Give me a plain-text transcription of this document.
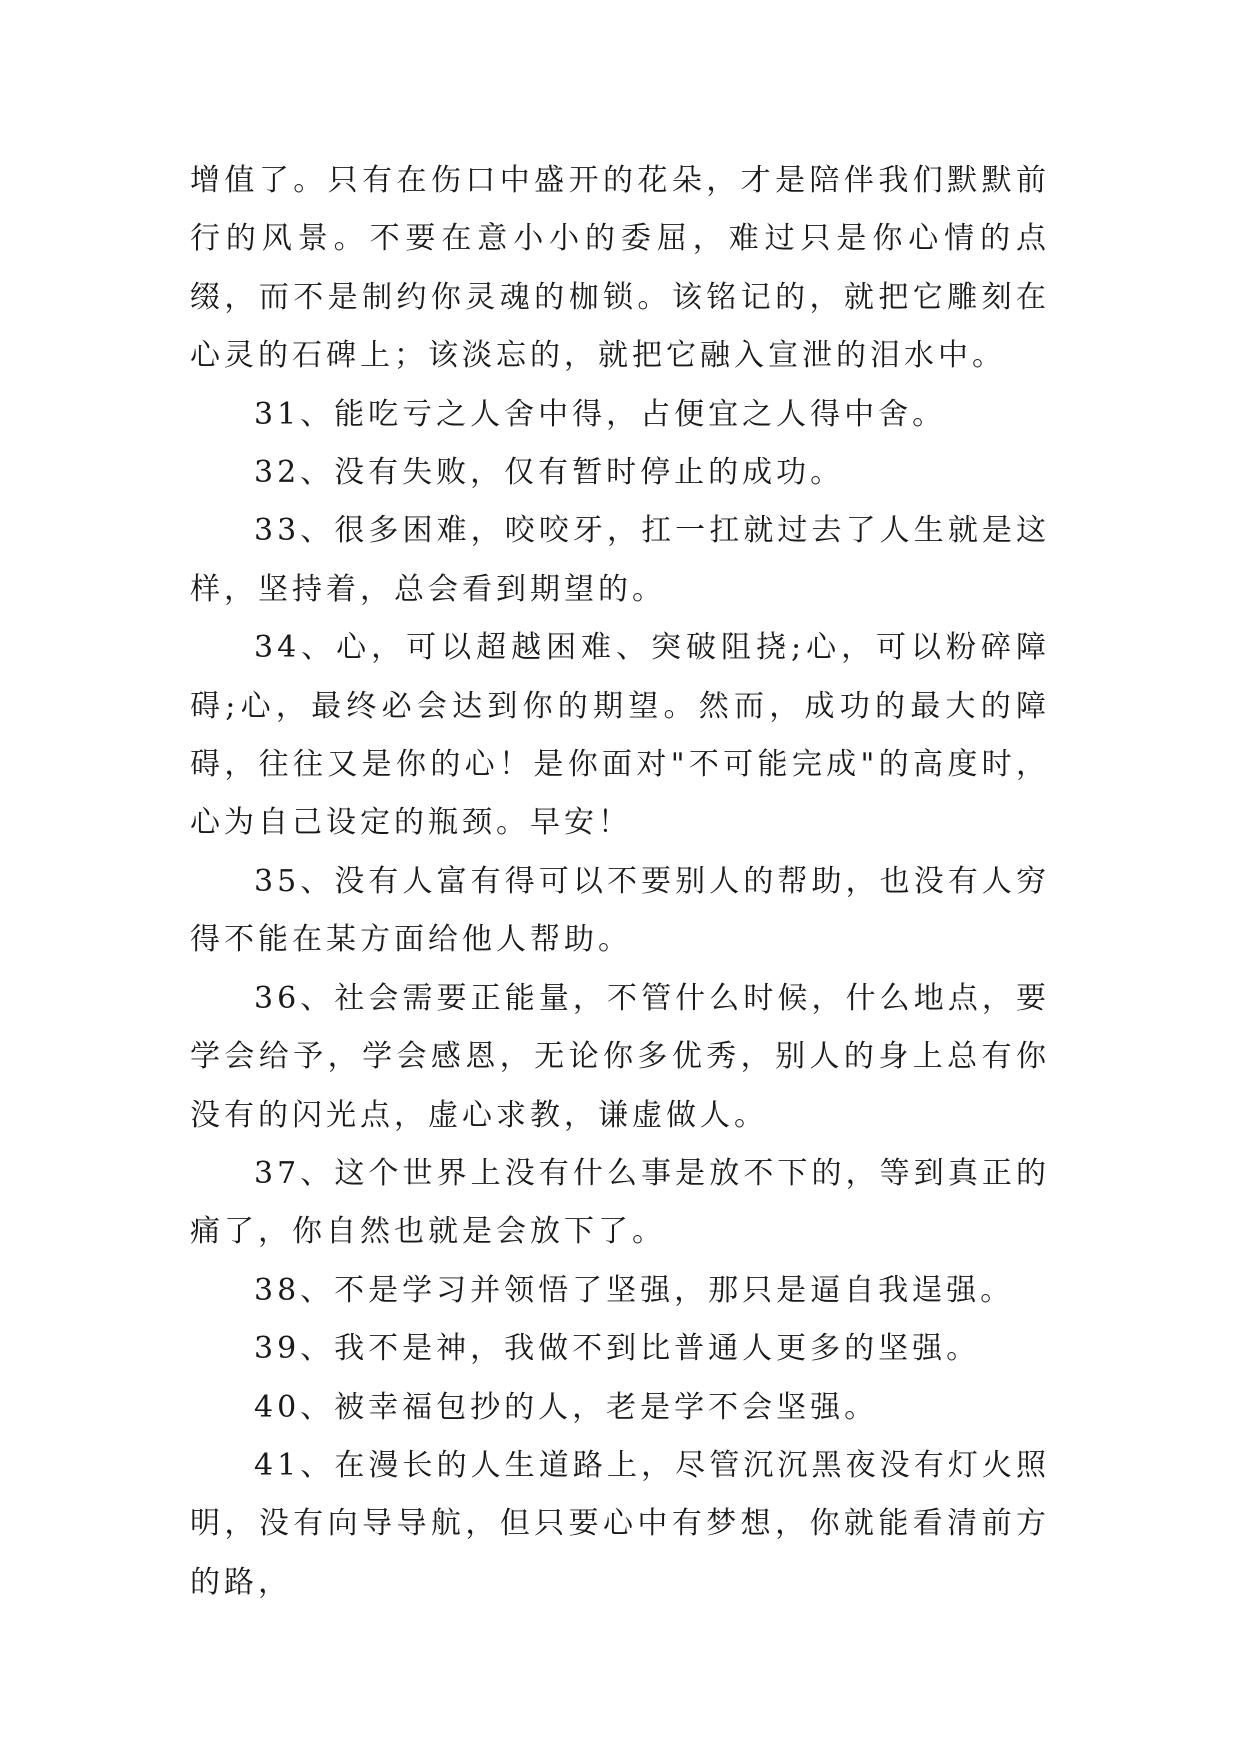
增值了。只有在伤口中盛开的花朵，才是陪伴我们默默前行的风景。不要在意小小的委屈，难过只是你心情的点缀，而不是制约你灵魂的枷锁。该铭记的，就把它雕刻在心灵的石碑上；该淡忘的，就把它融入宣泄的泪水中。

31、能吃亏之人舍中得，占便宜之人得中舍。

32、没有失败，仅有暂时停止的成功。

33、很多困难，咬咬牙，扛一扛就过去了人生就是这样，坚持着，总会看到期望的。

34、心，可以超越困难、突破阻挠;心，可以粉碎障碍;心，最终必会达到你的期望。然而，成功的最大的障碍，往往又是你的心！是你面对"不可能完成"的高度时，心为自己设定的瓶颈。早安！

35、没有人富有得可以不要别人的帮助，也没有人穷得不能在某方面给他人帮助。

36、社会需要正能量，不管什么时候，什么地点，要学会给予，学会感恩，无论你多优秀，别人的身上总有你没有的闪光点，虚心求教，谦虚做人。

37、这个世界上没有什么事是放不下的，等到真正的痛了，你自然也就是会放下了。

38、不是学习并领悟了坚强，那只是逼自我逞强。

39、我不是神，我做不到比普通人更多的坚强。

40、被幸福包抄的人，老是学不会坚强。

41、在漫长的人生道路上，尽管沉沉黑夜没有灯火照明，没有向导导航，但只要心中有梦想，你就能看清前方的路，
